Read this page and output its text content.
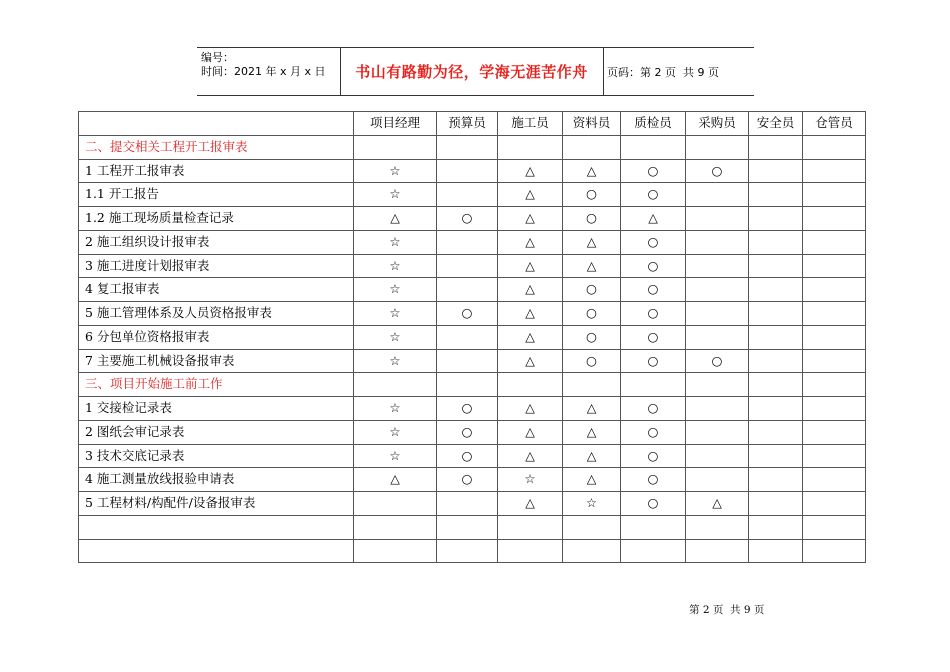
编号：
时间：2021 年 x 月 x 日	书山有路勤为径，学海无涯苦作舟	页码：第 2 页  共 9 页
	项目经理	预算员	施工员	资料员	质检员	采购员	安全员	仓管员
二、提交相关工程开工报审表								
1 工程开工报审表	☆		△	△	○	○		
1.1 开工报告	☆		△	○	○			
1.2 施工现场质量检查记录	△	○	△	○	△			
2 施工组织设计报审表	☆		△	△	○			
3 施工进度计划报审表	☆		△	△	○			
4 复工报审表	☆		△	○	○			
5 施工管理体系及人员资格报审表	☆	○	△	○	○			
6 分包单位资格报审表	☆		△	○	○			
7 主要施工机械设备报审表	☆		△	○	○	○		
三、项目开始施工前工作								
1 交接检记录表	☆	○	△	△	○			
2 图纸会审记录表	☆	○	△	△	○			
3 技术交底记录表	☆	○	△	△	○			
4 施工测量放线报验申请表	△	○	☆	△	○			
5 工程材料/构配件/设备报审表			△	☆	○	△		

第 2 页  共 9 页
